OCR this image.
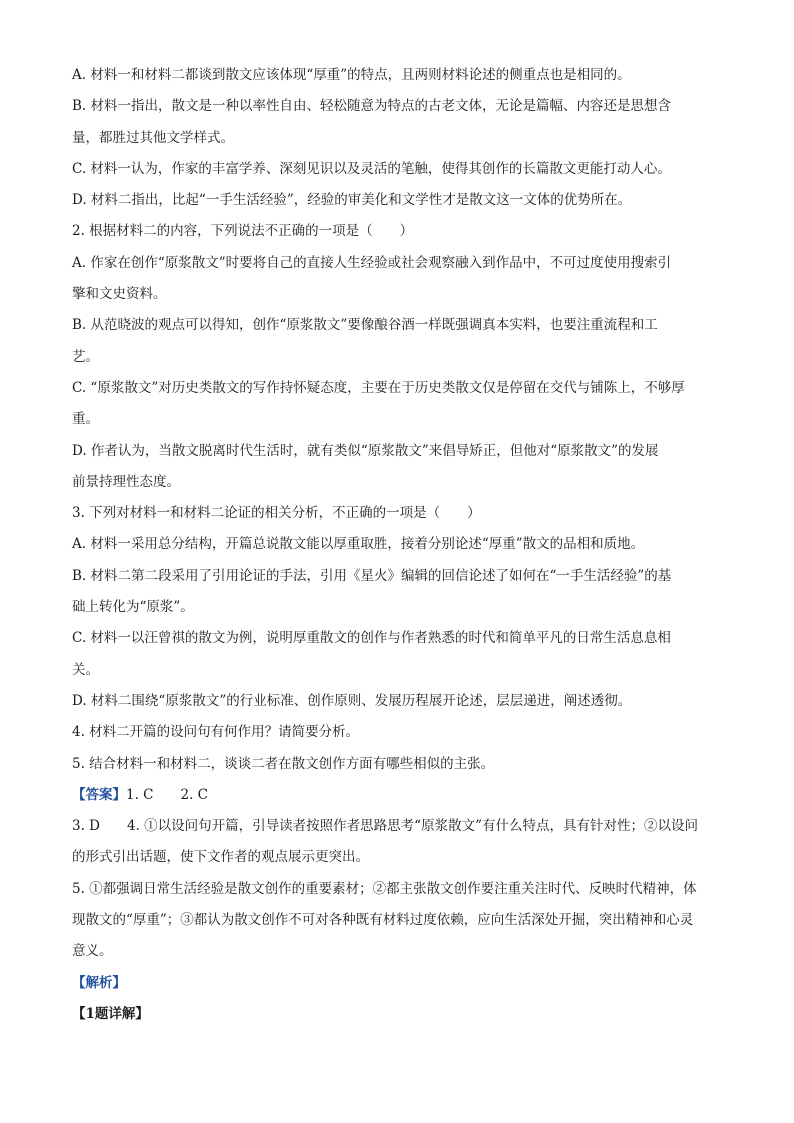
A. 材料一和材料二都谈到散文应该体现“厚重”的特点，且两则材料论述的侧重点也是相同的。
B. 材料一指出，散文是一种以率性自由、轻松随意为特点的古老文体，无论是篇幅、内容还是思想含
量，都胜过其他文学样式。
C. 材料一认为，作家的丰富学养、深刻见识以及灵活的笔触，使得其创作的长篇散文更能打动人心。
D. 材料二指出，比起“一手生活经验”，经验的审美化和文学性才是散文这一文体的优势所在。
2. 根据材料二的内容，下列说法不正确的一项是（　　）
A. 作家在创作“原浆散文”时要将自己的直接人生经验或社会观察融入到作品中，不可过度使用搜索引
擎和文史资料。
B. 从范晓波的观点可以得知，创作“原浆散文”要像酿谷酒一样既强调真本实料，也要注重流程和工
艺。
C. “原浆散文”对历史类散文的写作持怀疑态度，主要在于历史类散文仅是停留在交代与铺陈上，不够厚
重。
D. 作者认为，当散文脱离时代生活时，就有类似“原浆散文”来倡导矫正，但他对“原浆散文”的发展
前景持理性态度。
3. 下列对材料一和材料二论证的相关分析，不正确的一项是（　　）
A. 材料一采用总分结构，开篇总说散文能以厚重取胜，接着分别论述“厚重”散文的品相和质地。
B. 材料二第二段采用了引用论证的手法，引用《星火》编辑的回信论述了如何在“一手生活经验”的基
础上转化为“原浆”。
C. 材料一以汪曾祺的散文为例，说明厚重散文的创作与作者熟悉的时代和简单平凡的日常生活息息相
关。
D. 材料二围绕“原浆散文”的行业标准、创作原则、发展历程展开论述，层层递进，阐述透彻。
4. 材料二开篇的设问句有何作用？请简要分析。
5. 结合材料一和材料二，谈谈二者在散文创作方面有哪些相似的主张。
【答案】1. C　　2. C
3. D　　4. ①以设问句开篇，引导读者按照作者思路思考“原浆散文”有什么特点，具有针对性；②以设问
的形式引出话题，使下文作者的观点展示更突出。
5. ①都强调日常生活经验是散文创作的重要素材；②都主张散文创作要注重关注时代、反映时代精神，体
现散文的“厚重”；③都认为散文创作不可对各种既有材料过度依赖，应向生活深处开掘，突出精神和心灵
意义。
【解析】
【1题详解】
